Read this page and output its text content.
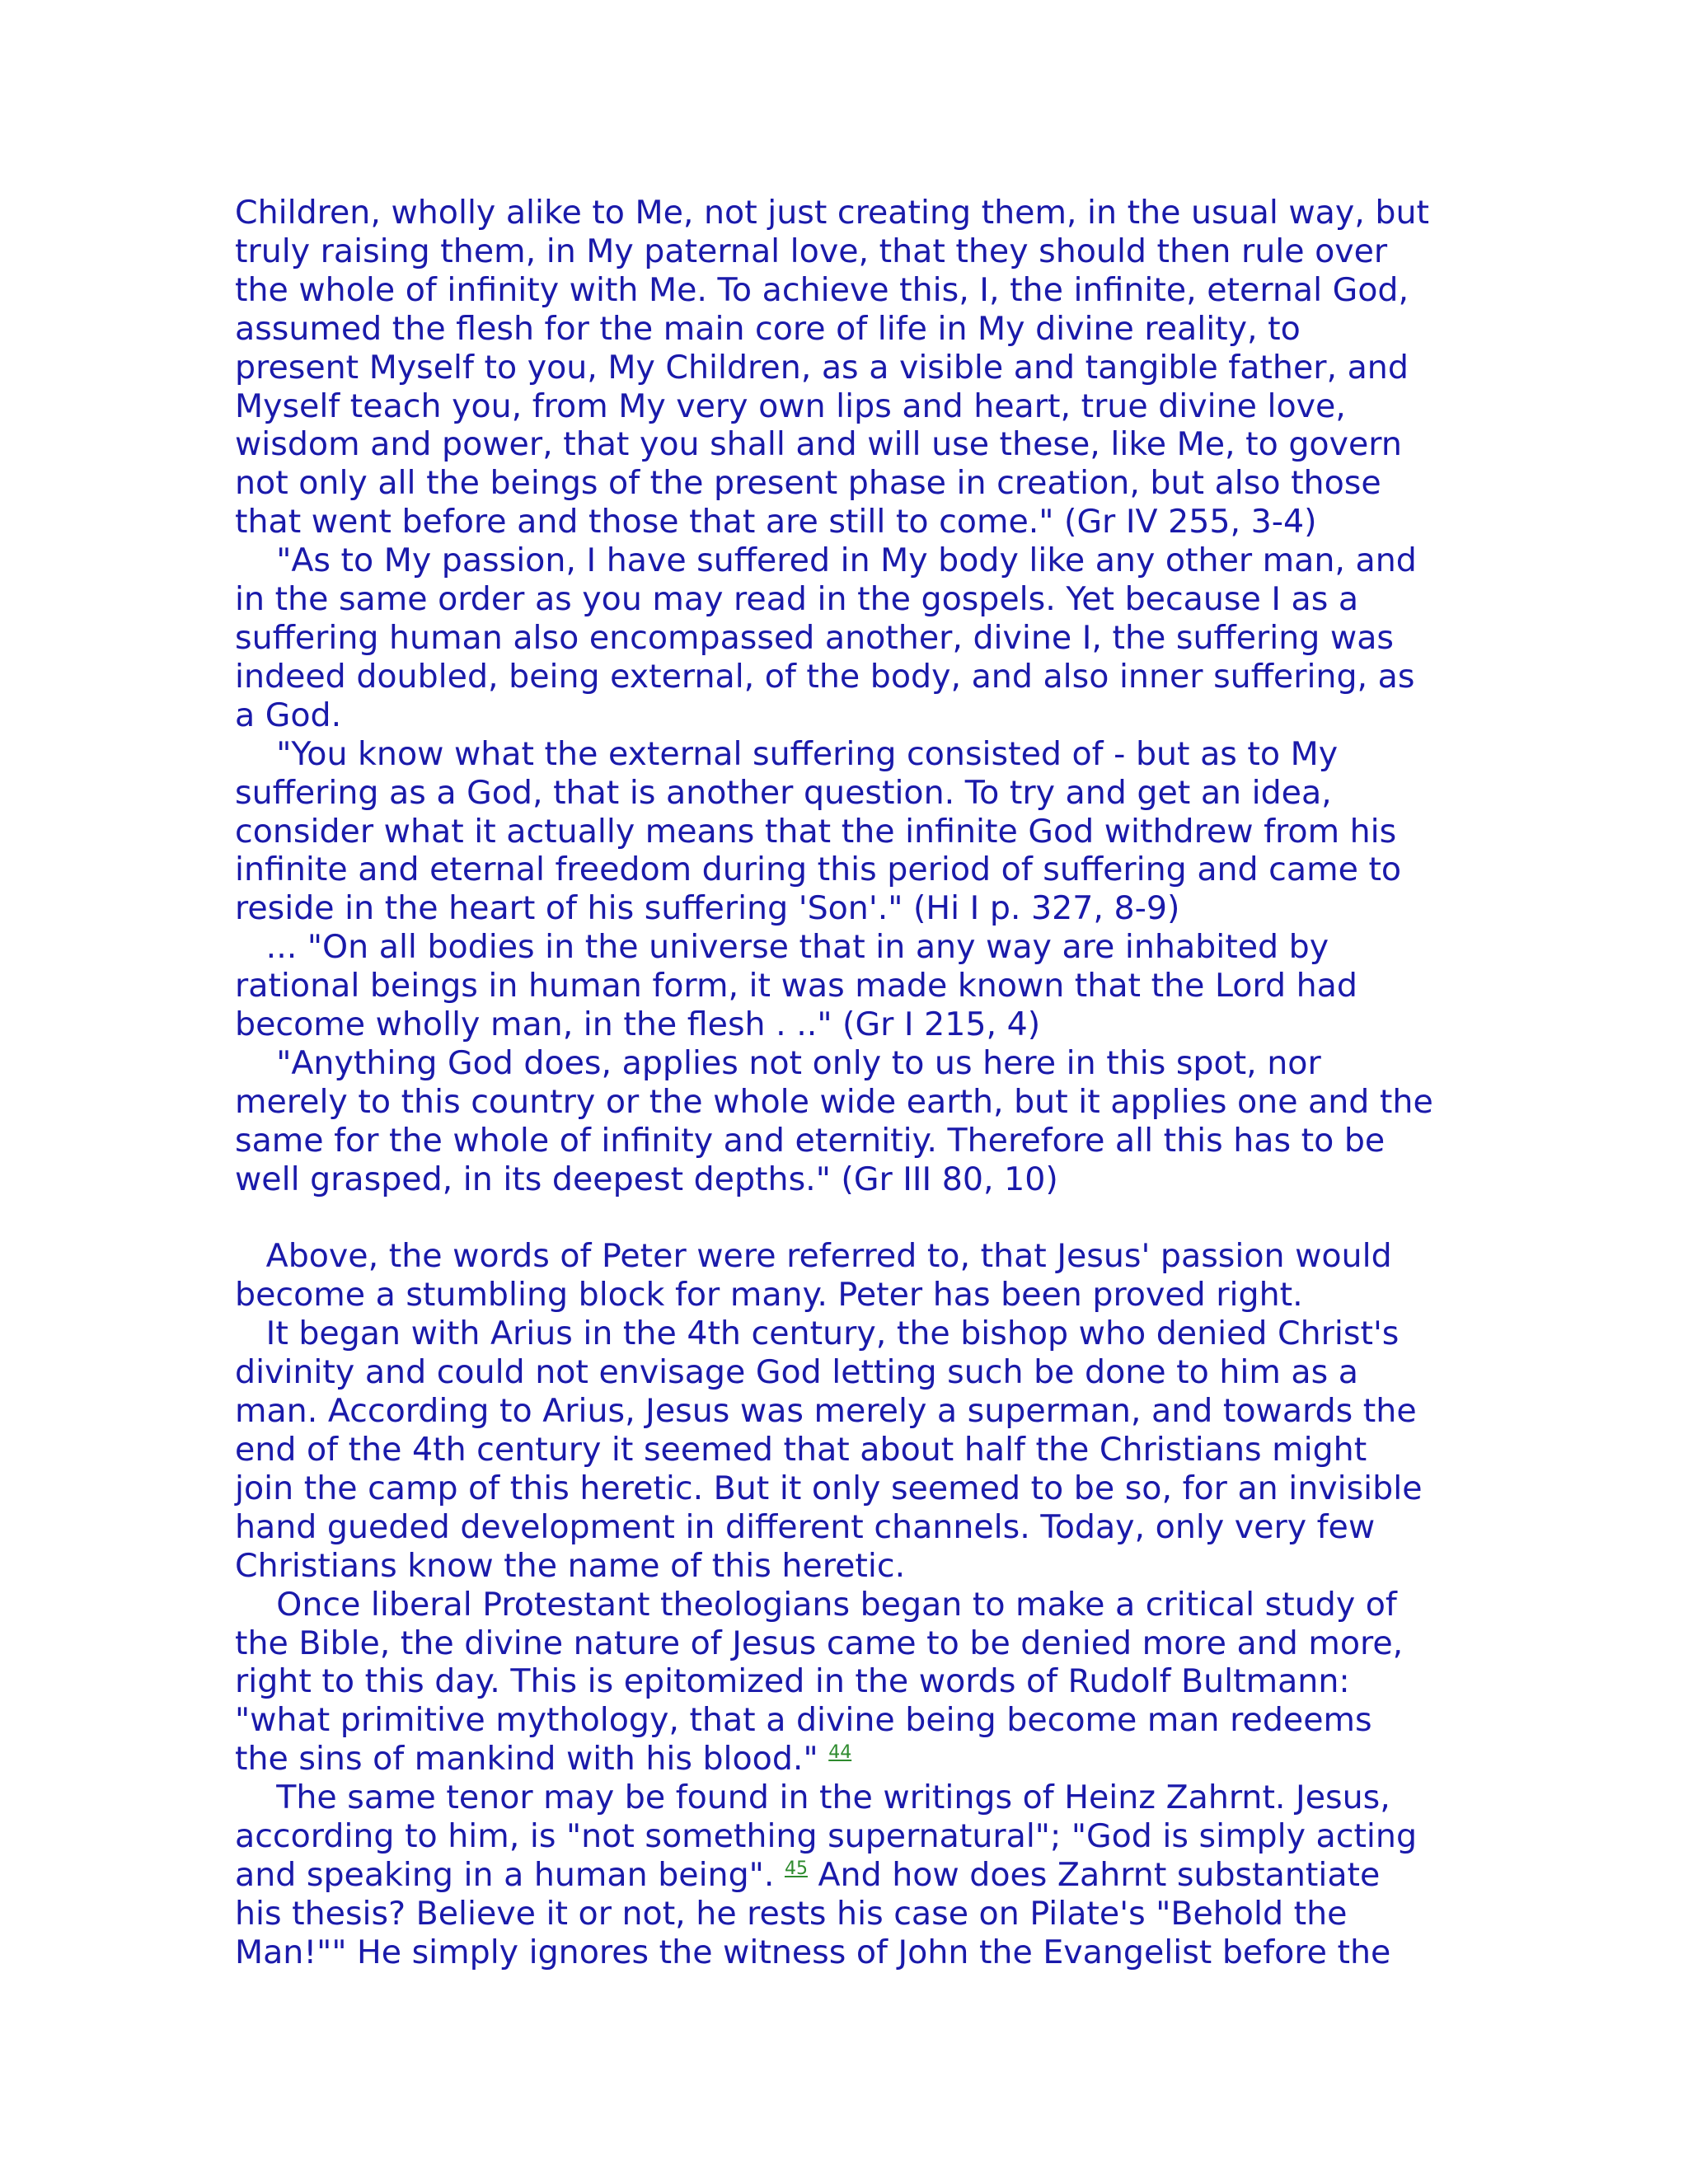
Children, wholly alike to Me, not just creating them, in the usual way, but
truly raising them, in My paternal love, that they should then rule over
the whole of infinity with Me. To achieve this, I, the infinite, eternal God,
assumed the flesh for the main core of life in My divine reality, to
present Myself to you, My Children, as a visible and tangible father, and
Myself teach you, from My very own lips and heart, true divine love,
wisdom and power, that you shall and will use these, like Me, to govern
not only all the beings of the present phase in creation, but also those
that went before and those that are still to come." (Gr IV 255, 3-4)
"As to My passion, I have suffered in My body like any other man, and
in the same order as you may read in the gospels. Yet because I as a
suffering human also encompassed another, divine I, the suffering was
indeed doubled, being external, of the body, and also inner suffering, as
a God.
"You know what the external suffering consisted of - but as to My
suffering as a God, that is another question. To try and get an idea,
consider what it actually means that the infinite God withdrew from his
infinite and eternal freedom during this period of suffering and came to
reside in the heart of his suffering 'Son'." (Hi I p. 327, 8-9)
... "On all bodies in the universe that in any way are inhabited by
rational beings in human form, it was made known that the Lord had
become wholly man, in the flesh . .." (Gr I 215, 4)
"Anything God does, applies not only to us here in this spot, nor
merely to this country or the whole wide earth, but it applies one and the
same for the whole of infinity and eternitiy. Therefore all this has to be
well grasped, in its deepest depths." (Gr III 80, 10)
Above, the words of Peter were referred to, that Jesus' passion would
become a stumbling block for many. Peter has been proved right.
It began with Arius in the 4th century, the bishop who denied Christ's
divinity and could not envisage God letting such be done to him as a
man. According to Arius, Jesus was merely a superman, and towards the
end of the 4th century it seemed that about half the Christians might
join the camp of this heretic. But it only seemed to be so, for an invisible
hand gueded development in different channels. Today, only very few
Christians know the name of this heretic.
Once liberal Protestant theologians began to make a critical study of
the Bible, the divine nature of Jesus came to be denied more and more,
right to this day. This is epitomized in the words of Rudolf Bultmann:
"what primitive mythology, that a divine being become man redeems
the sins of mankind with his blood." $^{44}$
The same tenor may be found in the writings of Heinz Zahrnt. Jesus,
according to him, is "not something supernatural"; "God is simply acting
and speaking in a human being". $^{45}$ And how does Zahrnt substantiate
his thesis? Believe it or not, he rests his case on Pilate's "Behold the
Man!"" He simply ignores the witness of John the Evangelist before the
